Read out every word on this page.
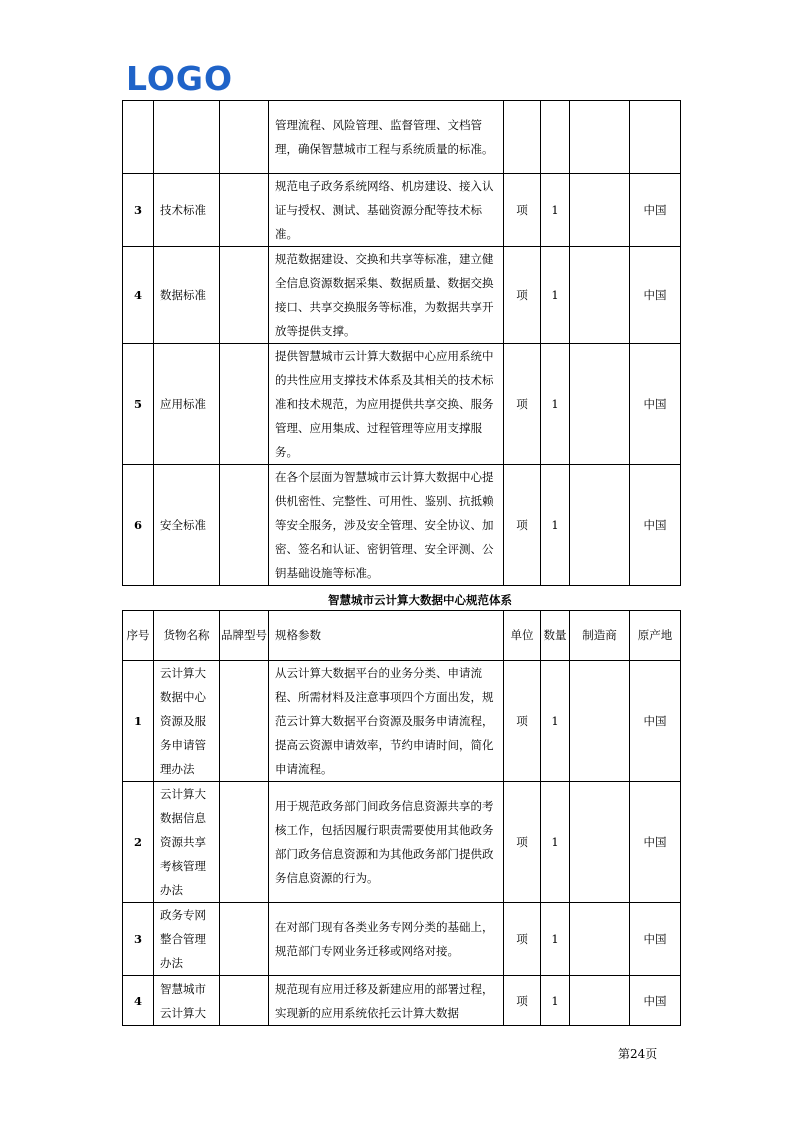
LOGO
			管理流程、风险管理、监督管理、文档管理，确保智慧城市工程与系统质量的标准。				
3	技术标准		规范电子政务系统网络、机房建设、接入认证与授权、测试、基础资源分配等技术标准。	项	1		中国
4	数据标准		规范数据建设、交换和共享等标准，建立健全信息资源数据采集、数据质量、数据交换接口、共享交换服务等标准，为数据共享开放等提供支撑。	项	1		中国
5	应用标准		提供智慧城市云计算大数据中心应用系统中的共性应用支撑技术体系及其相关的技术标准和技术规范，为应用提供共享交换、服务管理、应用集成、过程管理等应用支撑服务。	项	1		中国
6	安全标准		在各个层面为智慧城市云计算大数据中心提供机密性、完整性、可用性、鉴别、抗抵赖等安全服务，涉及安全管理、安全协议、加密、签名和认证、密钥管理、安全评测、公钥基础设施等标准。	项	1		中国
智慧城市云计算大数据中心规范体系
序号	货物名称	品牌型号	规格参数	单位	数量	制造商	原产地
1	云计算大数据中心资源及服务申请管理办法		从云计算大数据平台的业务分类、申请流程、所需材料及注意事项四个方面出发，规范云计算大数据平台资源及服务申请流程，提高云资源申请效率，节约申请时间，简化申请流程。	项	1		中国
2	云计算大数据信息资源共享考核管理办法		用于规范政务部门间政务信息资源共享的考核工作，包括因履行职责需要使用其他政务部门政务信息资源和为其他政务部门提供政务信息资源的行为。	项	1		中国
3	政务专网整合管理办法		在对部门现有各类业务专网分类的基础上，规范部门专网业务迁移或网络对接。	项	1		中国
4	智慧城市云计算大		规范现有应用迁移及新建应用的部署过程，实现新的应用系统依托云计算大数据	项	1		中国
第24页
